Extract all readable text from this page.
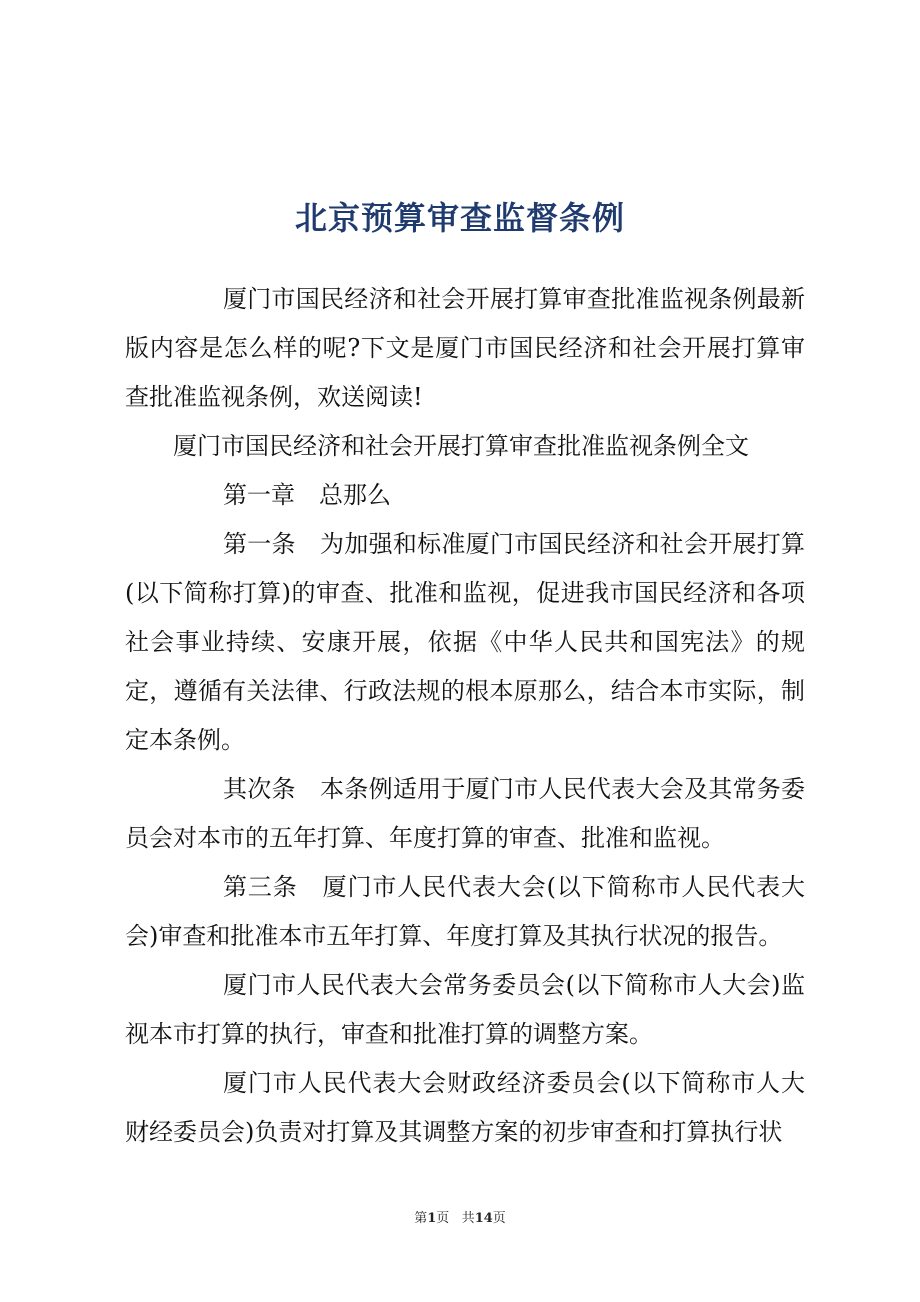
北京预算审查监督条例

厦门市国民经济和社会开展打算审查批准监视条例最新版内容是怎么样的呢?下文是厦门市国民经济和社会开展打算审查批准监视条例，欢送阅读!

厦门市国民经济和社会开展打算审查批准监视条例全文

第一章 总那么

第一条 为加强和标准厦门市国民经济和社会开展打算(以下简称打算)的审查、批准和监视，促进我市国民经济和各项社会事业持续、安康开展，依据《中华人民共和国宪法》的规定，遵循有关法律、行政法规的根本原那么，结合本市实际，制定本条例。

其次条 本条例适用于厦门市人民代表大会及其常务委员会对本市的五年打算、年度打算的审查、批准和监视。

第三条 厦门市人民代表大会(以下简称市人民代表大会)审查和批准本市五年打算、年度打算及其执行状况的报告。

厦门市人民代表大会常务委员会(以下简称市人大会)监视本市打算的执行，审查和批准打算的调整方案。

厦门市人民代表大会财政经济委员会(以下简称市人大财经委员会)负责对打算及其调整方案的初步审查和打算执行状

第1页 共14页
